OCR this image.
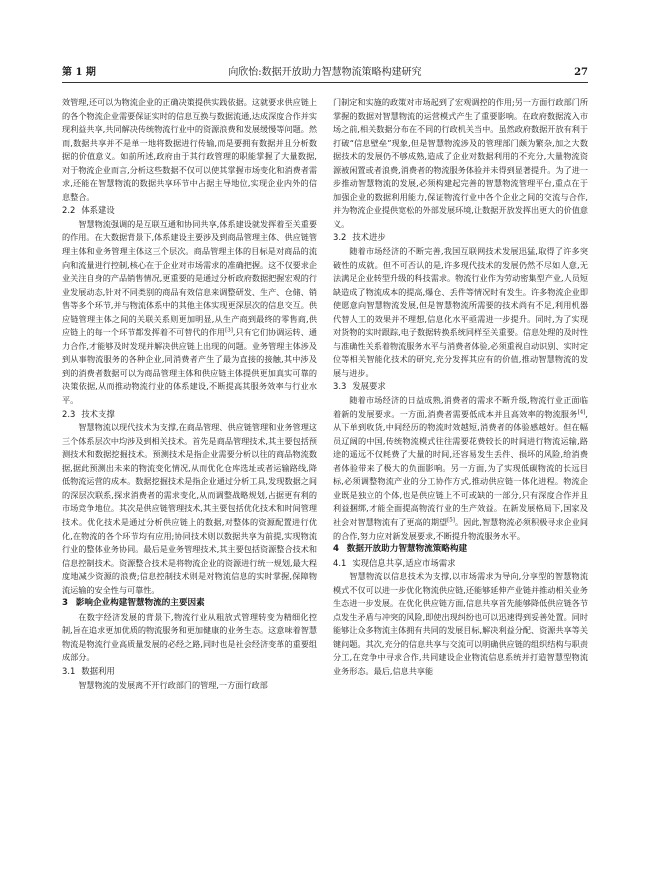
第 1 期	向欣怡:数据开放助力智慧物流策略构建研究	27

效管理,还可以为物流企业的正确决策提供实践依据。这就要求供应链上的各个物流企业需要保证实时的信息互换与数据流通,达成深度合作并实现利益共享,共同解决传统物流行业中的资源浪费和发展缓慢等问题。然而,数据共享并不是单一地将数据进行传输,而是要拥有数据并且分析数据的价值意义。如前所述,政府由于其行政管理的职能掌握了大量数据,对于物流企业而言,分析这些数据不仅可以使其掌握市场变化和消费者需求,还能在智慧物流的数据共享环节中占据主导地位,实现企业内外的信息整合。

2.2 体系建设

智慧物流强调的是互联互通和协同共享,体系建设就发挥着至关重要的作用。在大数据背景下,体系建设主要涉及到商品管理主体、供应链管理主体和业务管理主体这三个层次。商品管理主体的目标是对商品的流向和流量进行控制,核心在于企业对市场需求的准确把握。这不仅要求企业关注自身的产品销售情况,更重要的是通过分析政府数据把握宏观的行业发展动态,针对不同类别的商品有效信息来调整研发、生产、仓储、销售等多个环节,并与物流体系中的其他主体实现更深层次的信息交互。供应链管理主体之间的关联关系则更加明显,从生产商到最终的零售商,供应链上的每一个环节都发挥着不可替代的作用[3],只有它们协调运转、通力合作,才能够及时发现并解决供应链上出现的问题。业务管理主体涉及到从事物流服务的各种企业,同消费者产生了最为直接的接触,其中涉及到的消费者数据可以为商品管理主体和供应链主体提供更加真实可靠的决策依据,从而推动物流行业的体系建设,不断提高其服务效率与行业水平。

2.3 技术支撑

智慧物流以现代技术为支撑,在商品管理、供应链管理和业务管理这三个体系层次中均涉及到相关技术。首先是商品管理技术,其主要包括预测技术和数据挖掘技术。预测技术是指企业需要分析以往的商品物流数据,据此预测出未来的物流变化情况,从而优化仓库选址或者运输路线,降低物流运营的成本。数据挖掘技术是指企业通过分析工具,发现数据之间的深层次联系,探求消费者的需求变化,从而调整战略规划,占据更有利的市场竞争地位。其次是供应链管理技术,其主要包括优化技术和时间管理技术。优化技术是通过分析供应链上的数据,对整体的资源配置进行优化,在物流的各个环节均有应用;协同技术则以数据共享为前提,实现物流行业的整体业务协同。最后是业务管理技术,其主要包括资源整合技术和信息控制技术。资源整合技术是将物流企业的资源进行统一规划,最大程度地减少资源的浪费;信息控制技术则是对物流信息的实时掌握,保障物流运输的安全性与可靠性。

3 影响企业构建智慧物流的主要因素

在数字经济发展的背景下,物流行业从粗放式管理转变为精细化控制,旨在追求更加优质的物流服务和更加健康的业务生态。这意味着智慧物流是物流行业高质量发展的必经之路,同时也是社会经济变革的重要组成部分。

3.1 数据利用

智慧物流的发展离不开行政部门的管理,一方面行政部

门制定和实施的政策对市场起到了宏观调控的作用;另一方面行政部门所掌握的数据对智慧物流的运营模式产生了重要影响。在政府数据流入市场之前,相关数据分布在不同的行政机关当中。虽然政府数据开放有利于打破“信息壁垒”现象,但是智慧物流涉及的管理部门颇为繁杂,加之大数据技术的发展仍不够成熟,造成了企业对数据利用的不充分,大量物流资源被闲置或者浪费,消费者的物流服务体验并未得到显著提升。为了进一步推动智慧物流的发展,必须构建起完善的智慧物流管理平台,重点在于加强企业的数据利用能力,保证物流行业中各个企业之间的交流与合作,并为物流企业提供宽松的外部发展环境,让数据开放发挥出更大的价值意义。

3.2 技术进步

随着市场经济的不断完善,我国互联网技术发展迅猛,取得了许多突破性的成就。但不可否认的是,许多现代技术的发展仍然不尽如人意,无法满足企业转型升级的科技需求。物流行业作为劳动密集型产业,人员短缺造成了物流成本的提高,爆仓、丢件等情况时有发生。许多物流企业即使愿意向智慧物流发展,但是智慧物流所需要的技术尚有不足,利用机器代替人工的效果并不理想,信息化水平亟需进一步提升。同时,为了实现对货物的实时跟踪,电子数据转换系统同样至关重要。信息处理的及时性与准确性关系着物流服务水平与消费者体验,必须重视自动识别、实时定位等相关智能化技术的研究,充分发挥其应有的价值,推动智慧物流的发展与进步。

3.3 发展要求

随着市场经济的日益成熟,消费者的需求不断升级,物流行业正面临着新的发展要求。一方面,消费者需要低成本并且高效率的物流服务[4],从下单到收货,中间经历的物流时效越短,消费者的体验感越好。但在幅员辽阔的中国,传统物流模式往往需要花费较长的时间进行物流运输,路途的遥远不仅耗费了大量的时间,还容易发生丢件、损坏的风险,给消费者体验带来了极大的负面影响。另一方面,为了实现低碳物流的长远目标,必须调整物流产业的分工协作方式,推动供应链一体化进程。物流企业既是独立的个体,也是供应链上不可或缺的一部分,只有深度合作并且利益捆绑,才能全面提高物流行业的生产效益。在新发展格局下,国家及社会对智慧物流有了更高的期望[5]。因此,智慧物流必须积极寻求企业间的合作,努力应对新发展要求,不断提升物流服务水平。

4 数据开放助力智慧物流策略构建
4.1 实现信息共享,适应市场需求

智慧物流以信息技术为支撑,以市场需求为导向,分享型的智慧物流模式不仅可以进一步优化物流供应链,还能够延伸产业链并推动相关业务生态进一步发展。在优化供应链方面,信息共享首先能够降低供应链各节点发生矛盾与冲突的风险,即使出现纠纷也可以迅速得到妥善处置。同时能够让众多物流主体拥有共同的发展目标,解决利益分配、资源共享等关键问题。其次,充分的信息共享与交流可以明确供应链的组织结构与职责分工,在竞争中寻求合作,共同建设企业物流信息系统并打造智慧型物流业务形态。最后,信息共享能
